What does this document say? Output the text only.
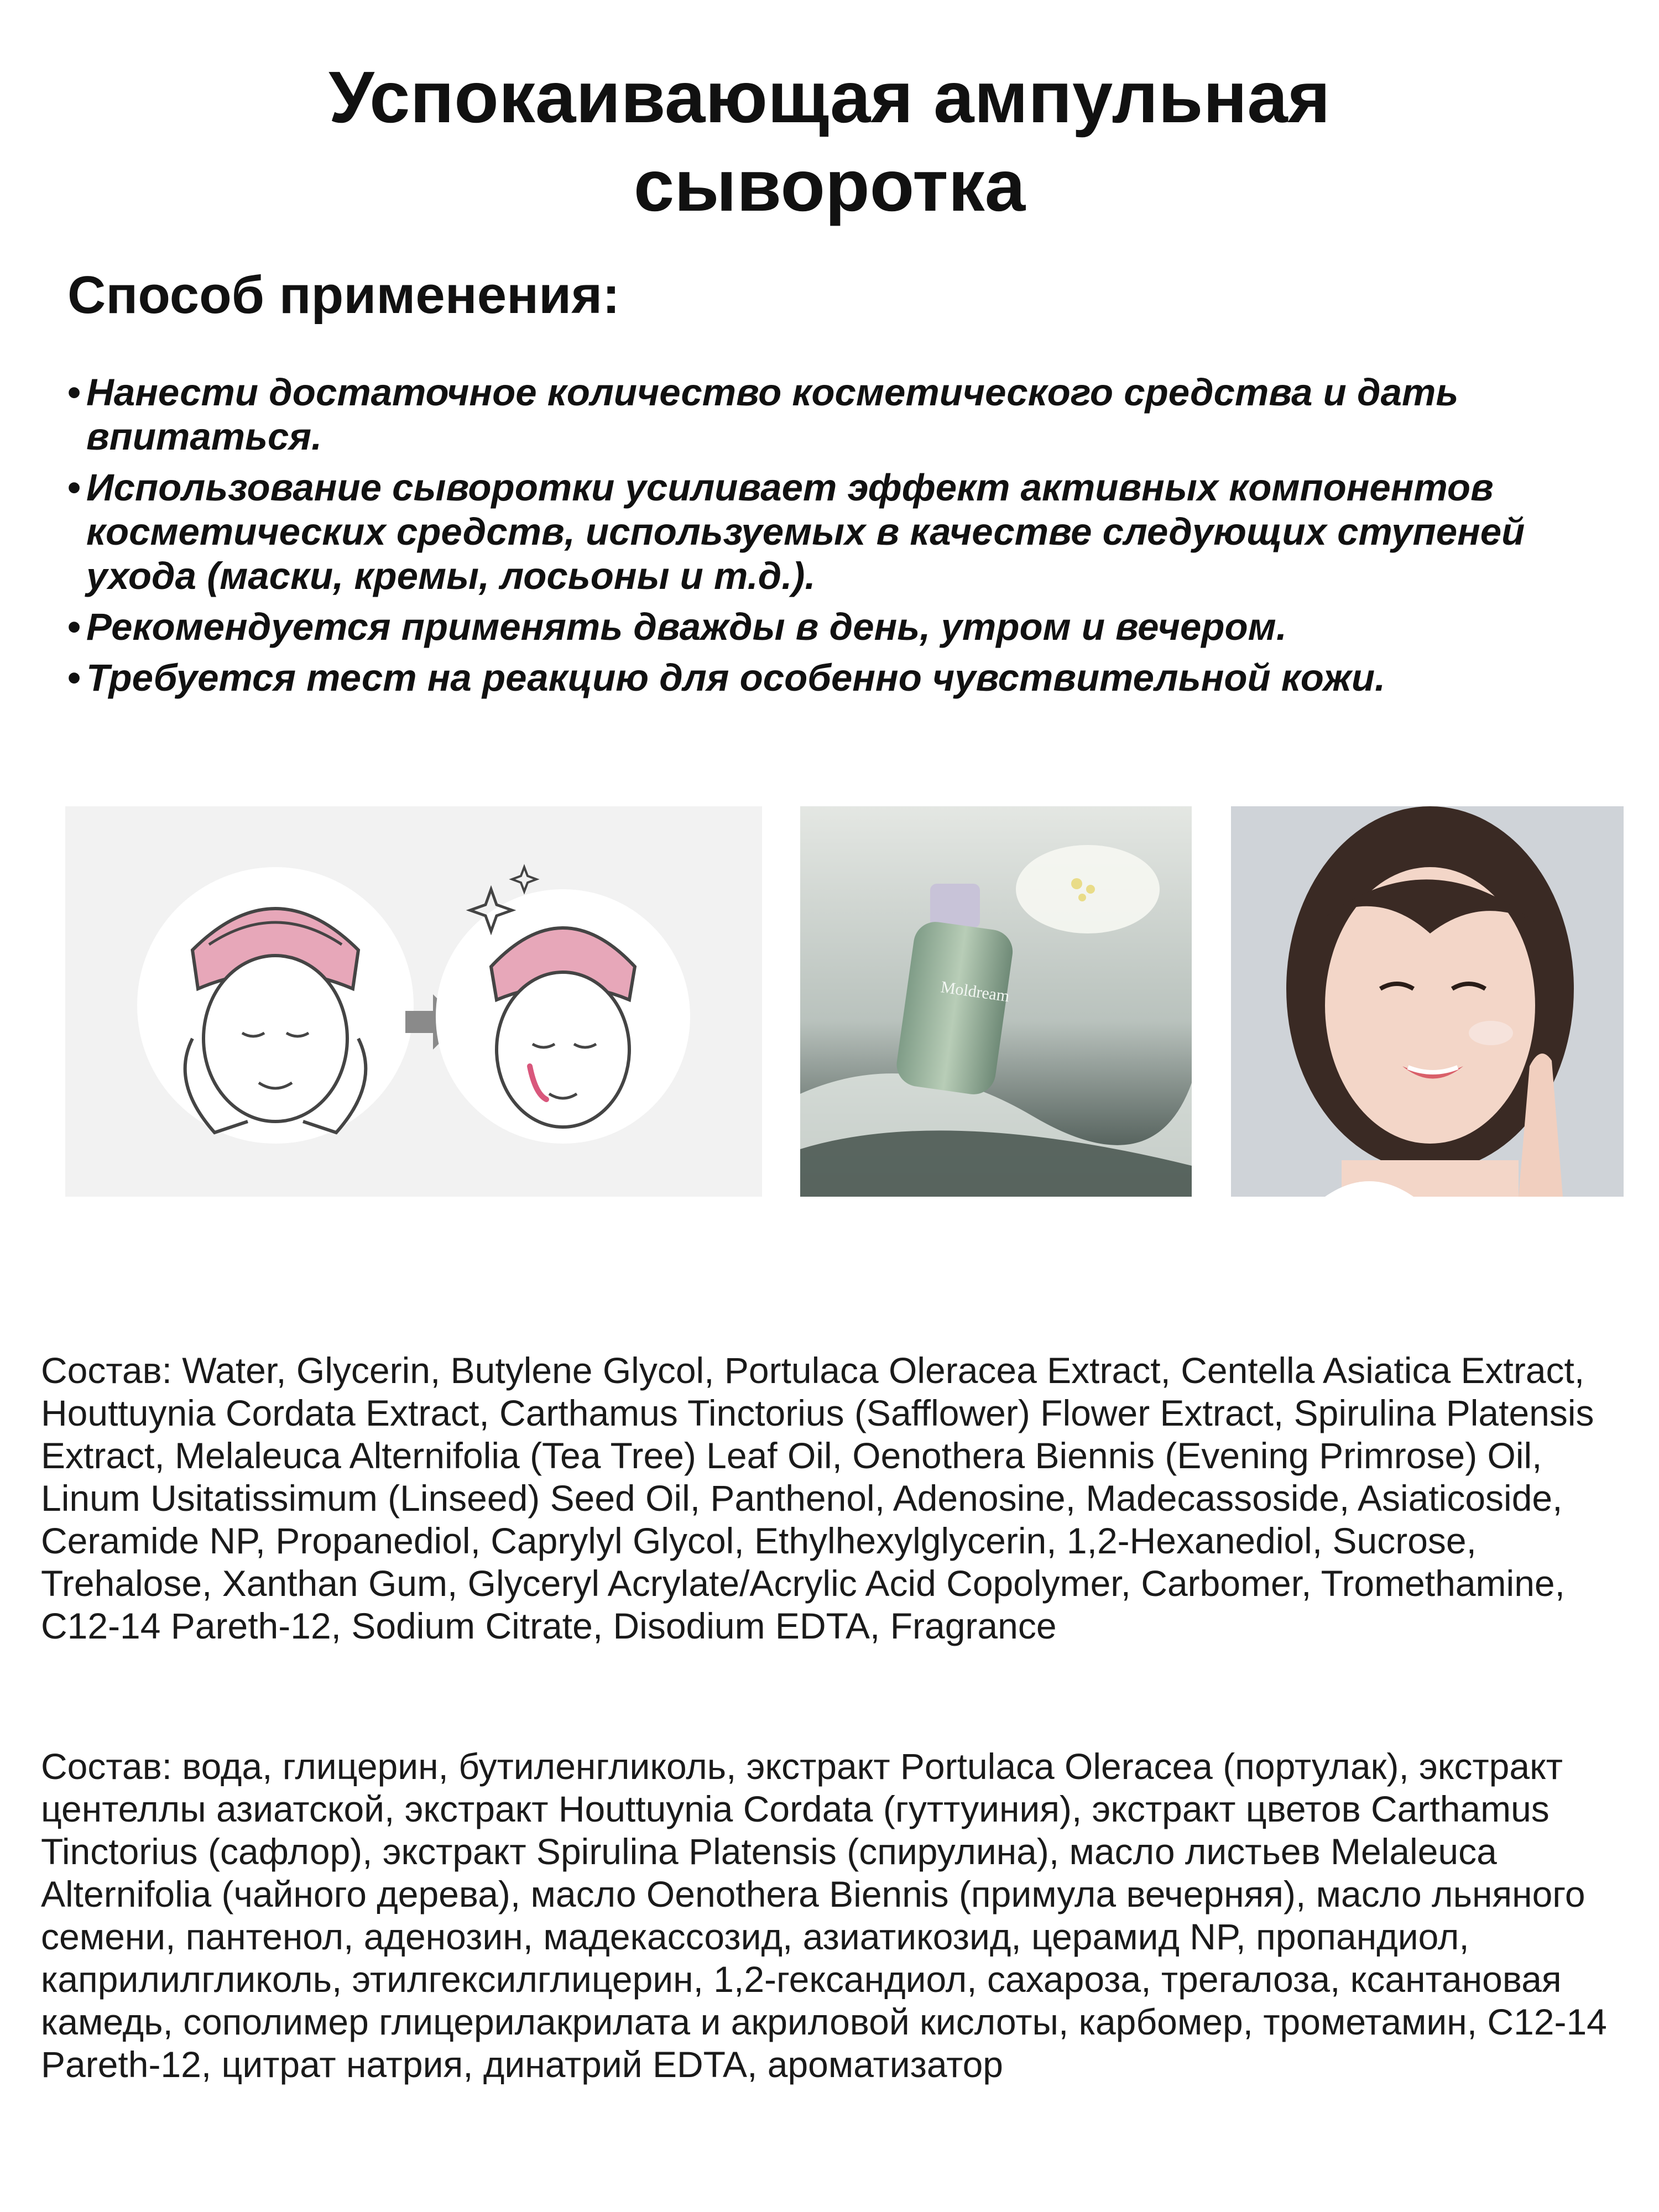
Успокаивающая ампульная
сыворотка
Способ применения:
• Нанести достаточное количество косметического средства и дать впитаться.
• Использование сыворотки усиливает эффект активных компонентов косметических средств, используемых в качестве следующих ступеней ухода (маски, кремы, лосьоны и т.д.).
• Рекомендуется применять дважды в день, утром и вечером.
• Требуется тест на реакцию для особенно чувствительной кожи.
Moldream

Состав: Water, Glycerin, Butylene Glycol, Portulaca Oleracea Extract, Centella Asiatica Extract, Houttuynia Cordata Extract, Carthamus Tinctorius (Safflower) Flower Extract, Spirulina Platensis Extract, Melaleuca Alternifolia (Tea Tree) Leaf Oil, Oenothera Biennis (Evening Primrose) Oil, Linum Usitatissimum (Linseed) Seed Oil, Panthenol, Adenosine, Madecassoside, Asiaticoside, Ceramide NP, Propanediol, Caprylyl Glycol, Ethylhexylglycerin, 1,2-Hexanediol, Sucrose, Trehalose, Xanthan Gum, Glyceryl Acrylate/Acrylic Acid Copolymer, Carbomer, Tromethamine, C12-14 Pareth-12, Sodium Citrate, Disodium EDTA, Fragrance

Состав: вода, глицерин, бутиленгликоль, экстракт Portulaca Oleracea (портулак), экстракт центеллы азиатской, экстракт Houttuynia Cordata (гуттуиния), экстракт цветов Carthamus Tinctorius (сафлор), экстракт Spirulina Platensis (спирулина), масло листьев Melaleuca Alternifolia (чайного дерева), масло Oenothera Biennis (примула вечерняя), масло льняного семени, пантенол, аденозин, мадекассозид, азиатикозид, церамид NP, пропандиол, каприлилгликоль, этилгексилглицерин, 1,2-гександиол, сахароза, трегалоза, ксантановая камедь, сополимер глицерилакрилата и акриловой кислоты, карбомер, трометамин, C12-14 Pareth-12, цитрат натрия, динатрий EDTA, ароматизатор
